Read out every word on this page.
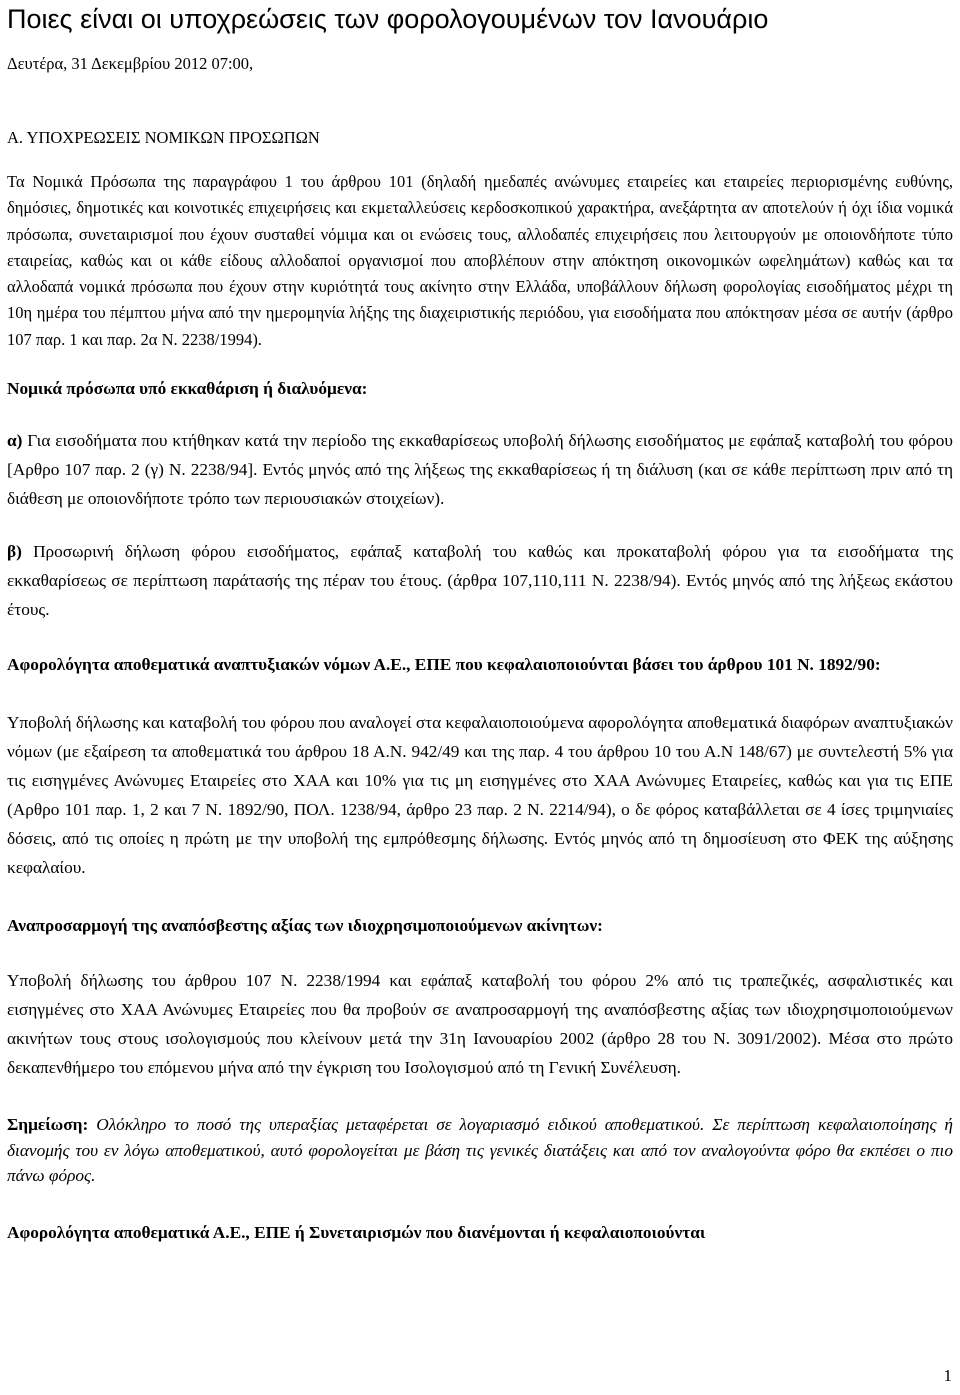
Ποιες είναι οι υποχρεώσεις των φορολογουμένων τον Ιανουάριο
Δευτέρα, 31 Δεκεμβρίου 2012 07:00,
Α. ΥΠΟΧΡΕΩΣΕΙΣ ΝΟΜΙΚΩΝ ΠΡΟΣΩΠΩΝ

Τα Νομικά Πρόσωπα της παραγράφου 1 του άρθρου 101 (δηλαδή ημεδαπές ανώνυμες εταιρείες και εταιρείες περιορισμένης ευθύνης, δημόσιες, δημοτικές και κοινοτικές επιχειρήσεις και εκμεταλλεύσεις κερδοσκοπικού χαρακτήρα, ανεξάρτητα αν αποτελούν ή όχι ίδια νομικά πρόσωπα, συνεταιρισμοί που έχουν συσταθεί νόμιμα και οι ενώσεις τους, αλλοδαπές επιχειρήσεις που λειτουργούν με οποιονδήποτε τύπο εταιρείας, καθώς και οι κάθε είδους αλλοδαποί οργανισμοί που αποβλέπουν στην απόκτηση οικονομικών ωφελημάτων) καθώς και τα αλλοδαπά νομικά πρόσωπα που έχουν στην κυριότητά τους ακίνητο στην Ελλάδα, υποβάλλουν δήλωση φορολογίας εισοδήματος μέχρι τη 10η ημέρα του πέμπτου μήνα από την ημερομηνία λήξης της διαχειριστικής περιόδου, για εισοδήματα που απόκτησαν μέσα σε αυτήν (άρθρο 107 παρ. 1 και παρ. 2α Ν. 2238/1994).

Νομικά πρόσωπα υπό εκκαθάριση ή διαλυόμενα:

α) Για εισοδήματα που κτήθηκαν κατά την περίοδο της εκκαθαρίσεως υποβολή δήλωσης εισοδήματος με εφάπαξ καταβολή του φόρου [Αρθρο 107 παρ. 2 (γ) Ν. 2238/94]. Εντός μηνός από της λήξεως της εκκαθαρίσεως ή τη διάλυση (και σε κάθε περίπτωση πριν από τη διάθεση με οποιονδήποτε τρόπο των περιουσιακών στοιχείων).

β) Προσωρινή δήλωση φόρου εισοδήματος, εφάπαξ καταβολή του καθώς και προκαταβολή φόρου για τα εισοδήματα της εκκαθαρίσεως σε περίπτωση παράτασής της πέραν του έτους. (άρθρα 107,110,111 Ν. 2238/94). Εντός μηνός από της λήξεως εκάστου έτους.

Αφορολόγητα αποθεματικά αναπτυξιακών νόμων Α.Ε., ΕΠΕ που κεφαλαιοποιούνται βάσει του άρθρου 101 Ν. 1892/90:

Υποβολή δήλωσης και καταβολή του φόρου που αναλογεί στα κεφαλαιοποιούμενα αφορολόγητα αποθεματικά διαφόρων αναπτυξιακών νόμων (με εξαίρεση τα αποθεματικά του άρθρου 18 Α.Ν. 942/49 και της παρ. 4 του άρθρου 10 του Α.Ν 148/67) με συντελεστή 5% για τις εισηγμένες Ανώνυμες Εταιρείες στο ΧΑΑ και 10% για τις μη εισηγμένες στο ΧΑΑ Ανώνυμες Εταιρείες, καθώς και για τις ΕΠΕ (Αρθρο 101 παρ. 1, 2 και 7 Ν. 1892/90, ΠΟΛ. 1238/94, άρθρο 23 παρ. 2 Ν. 2214/94), ο δε φόρος καταβάλλεται σε 4 ίσες τριμηνιαίες δόσεις, από τις οποίες η πρώτη με την υποβολή της εμπρόθεσμης δήλωσης. Εντός μηνός από τη δημοσίευση στο ΦΕΚ της αύξησης κεφαλαίου.

Αναπροσαρμογή της αναπόσβεστης αξίας των ιδιοχρησιμοποιούμενων ακίνητων:

Υποβολή δήλωσης του άρθρου 107 Ν. 2238/1994 και εφάπαξ καταβολή του φόρου 2% από τις τραπεζικές, ασφαλιστικές και εισηγμένες στο ΧΑΑ Ανώνυμες Εταιρείες που θα προβούν σε αναπροσαρμογή της αναπόσβεστης αξίας των ιδιοχρησιμοποιούμενων ακινήτων τους στους ισολογισμούς που κλείνουν μετά την 31η Ιανουαρίου 2002 (άρθρο 28 του Ν. 3091/2002). Μέσα στο πρώτο δεκαπενθήμερο του επόμενου μήνα από την έγκριση του Ισολογισμού από τη Γενική Συνέλευση.

Σημείωση: Ολόκληρο το ποσό της υπεραξίας μεταφέρεται σε λογαριασμό ειδικού αποθεματικού. Σε περίπτωση κεφαλαιοποίησης ή διανομής του εν λόγω αποθεματικού, αυτό φορολογείται με βάση τις γενικές διατάξεις και από τον αναλογούντα φόρο θα εκπέσει ο πιο πάνω φόρος.

Αφορολόγητα αποθεματικά Α.Ε., ΕΠΕ ή Συνεταιρισμών που διανέμονται ή κεφαλαιοποιούνται

1
